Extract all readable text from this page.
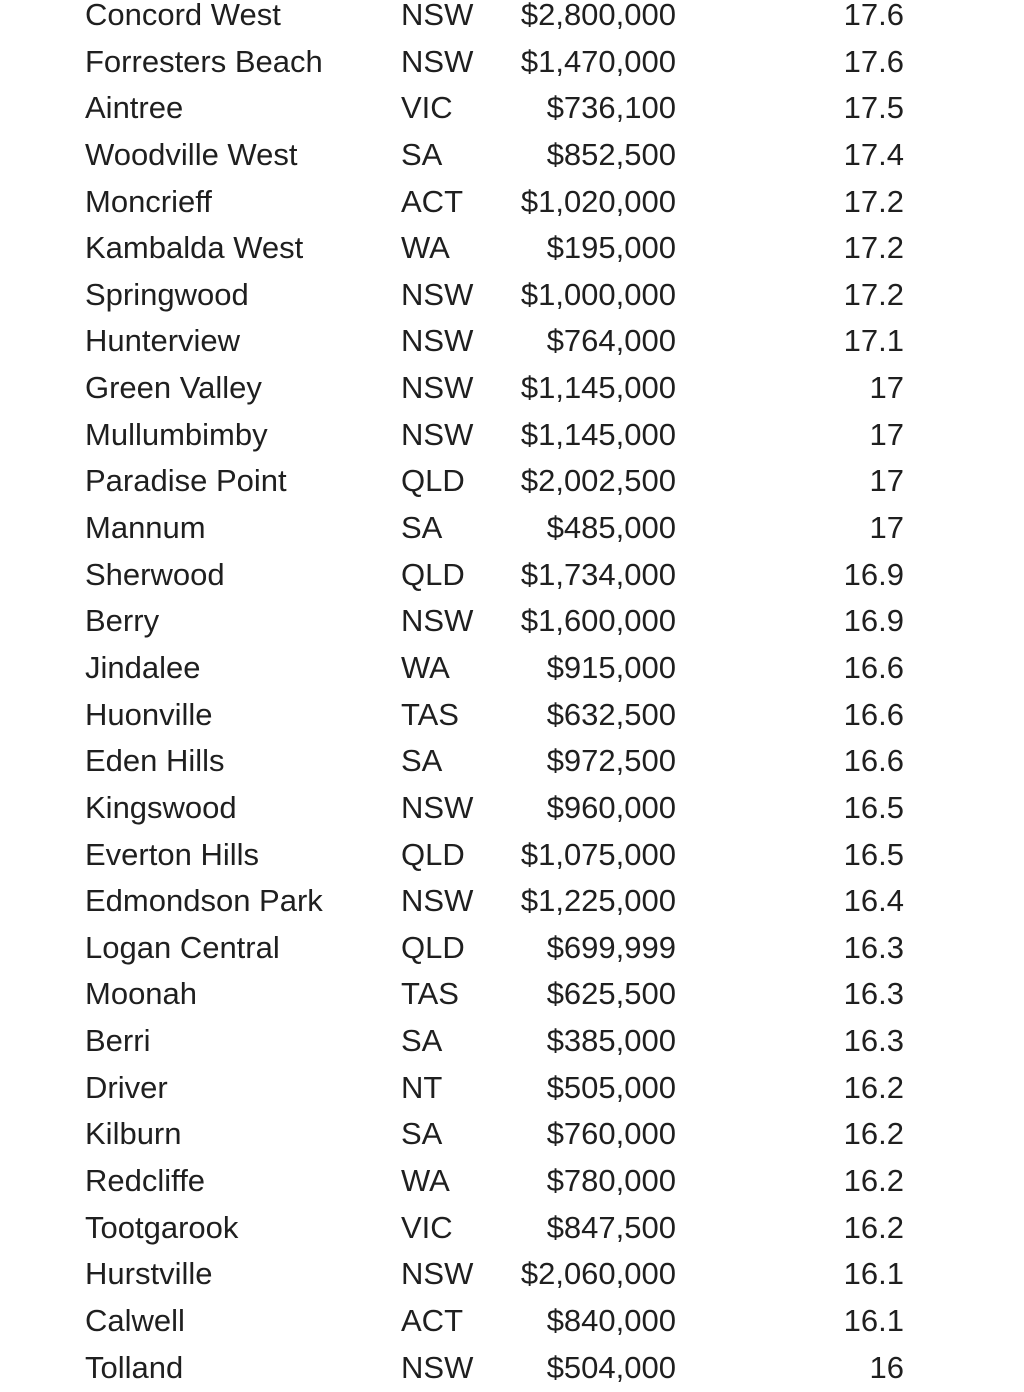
Concord West	NSW $2,800,000	17.6
Forresters Beach	NSW $1,470,000	17.6
Aintree	VIC	$736,100	17.5
Woodville West	SA	$852,500	17.4
Moncrieff	ACT $1,020,000	17.2
Kambalda West	WA	$195,000	17.2
Springwood	NSW $1,000,000	17.2
Hunterview	NSW $764,000	17.1
Green Valley	NSW $1,145,000	17
Mullumbimby	NSW $1,145,000	17
Paradise Point	QLD $2,002,500	17
Mannum	SA	$485,000	17
Sherwood	QLD $1,734,000	16.9
Berry	NSW $1,600,000	16.9
Jindalee	WA	$915,000	16.6
Huonville	TAS	$632,500	16.6
Eden Hills	SA	$972,500	16.6
Kingswood	NSW $960,000	16.5
Everton Hills	QLD $1,075,000	16.5
Edmondson Park	NSW $1,225,000	16.4
Logan Central	QLD	$699,999	16.3
Moonah	TAS	$625,500	16.3
Berri	SA	$385,000	16.3
Driver	NT	$505,000	16.2
Kilburn	SA	$760,000	16.2
Redcliffe	WA	$780,000	16.2
Tootgarook	VIC	$847,500	16.2
Hurstville	NSW $2,060,000	16.1
Calwell	ACT	$840,000	16.1
Tolland	NSW $504,000	16
